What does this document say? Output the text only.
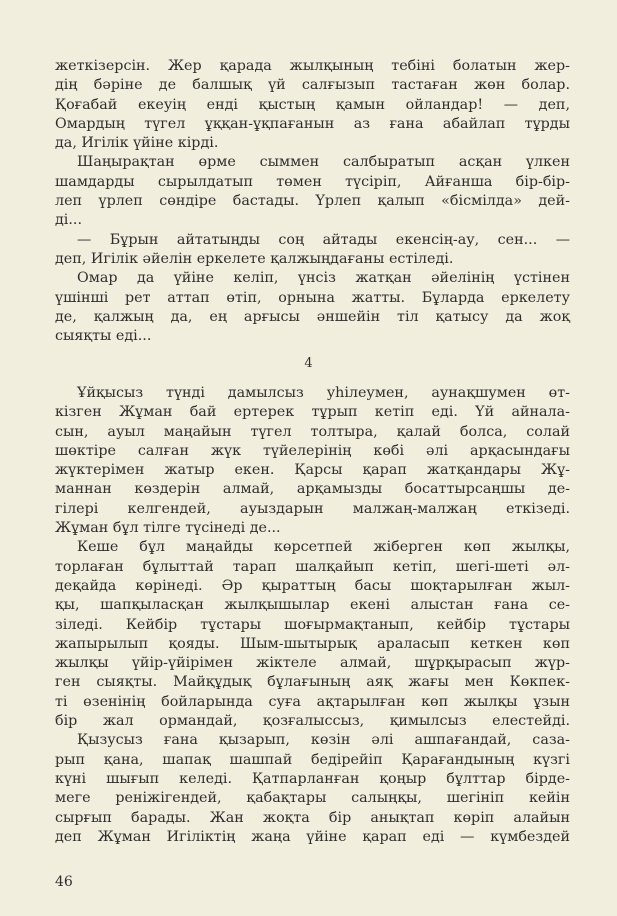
жеткізерсін. Жер қарада жылқының тебіні болатын жер-
дің бәріне де балшық үй салғызып тастаған жөн болар.
Қоғабай екеуің енді қыстың қамын ойландар! — деп,
Омардың түгел ұққан-ұқпағанын аз ғана абайлап тұрды
да, Игілік үйіне кірді.
Шаңырақтан өрме сыммен салбыратып асқан үлкен
шамдарды сырылдатып төмен түсіріп, Айғанша бір-бір-
леп үрлеп сөндіре бастады. Үрлеп қалып «бісмілда» дей-
ді...
— Бұрын айтатыңды соң айтады екенсің-ау, сен... —
деп, Игілік әйелін еркелете қалжыңдағаны естіледі.
Омар да үйіне келіп, үнсіз жатқан әйелінің үстінен
үшінші рет аттап өтіп, орнына жатты. Бұларда еркелету
де, қалжың да, ең арғысы әншейін тіл қатысу да жоқ
сыяқты еді...
4
Ұйқысыз түнді дамылсыз уһілеумен, аунақшумен өт-
кізген Жұман бай ертерек тұрып кетіп еді. Үй айнала-
сын, ауыл маңайын түгел толтыра, қалай болса, солай
шөктіре салған жүк түйелерінің көбі әлі арқасындағы
жүктерімен жатыр екен. Қарсы қарап жатқандары Жұ-
маннан көздерін алмай, арқамызды босаттырсаңшы де-
гілері келгендей, ауыздарын малжаң-малжаң еткізеді.
Жұман бұл тілге түсінеді де...
Кеше бұл маңайды көрсетпей жіберген көп жылқы,
торлаған бұлыттай тарап шалқайып кетіп, шегі-шеті әл-
деқайда көрінеді. Әр қыраттың басы шоқтарылған жыл-
қы, шапқыласқан жылқышылар екені алыстан ғана се-
зіледі. Кейбір тұстары шоғырмақтанып, кейбір тұстары
жапырылып қояды. Шым-шытырық араласып кеткен көп
жылқы үйір-үйірімен жіктеле алмай, шұрқырасып жүр-
ген сыяқты. Майқұдық бұлағының аяқ жағы мен Көкпек-
ті өзенінің бойларында суға ақтарылған көп жылқы ұзын
бір жал ормандай, қозғалыссыз, қимылсыз елестейді.
Қызусыз ғана қызарып, көзін әлі ашпағандай, саза-
рып қана, шапақ шашпай бедірейіп Қарағандының күзгі
күні шығып келеді. Қатпарланған қоңыр бұлттар бірде-
меге реніжігендей, қабақтары салыңқы, шегініп кейін
сырғып барады. Жан жоқта бір анықтап көріп алайын
деп Жұман Игіліктің жаңа үйіне қарап еді — күмбездей
46
